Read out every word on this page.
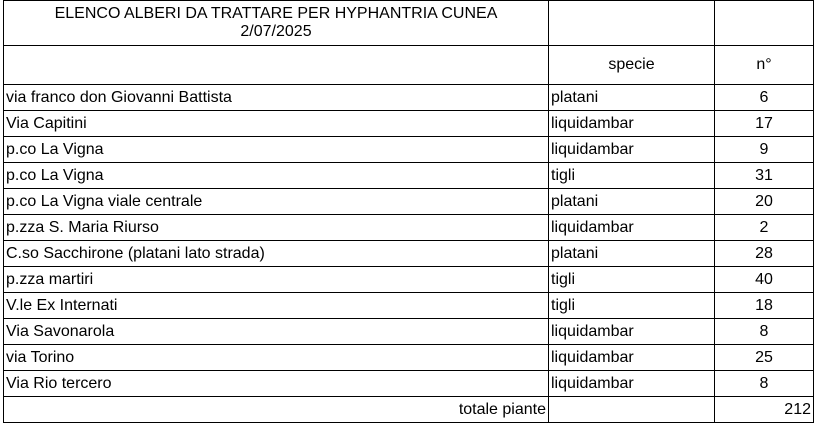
ELENCO ALBERI DA TRATTARE PER HYPHANTRIA CUNEA
2/07/2025		

	specie	n°
via franco don Giovanni Battista	platani	6
Via Capitini	liquidambar	17
p.co La Vigna	liquidambar	9
p.co La Vigna	tigli	31
p.co La Vigna viale centrale	platani	20
p.zza S. Maria Riurso	liquidambar	2
C.so Sacchirone (platani lato strada)	platani	28
p.zza martiri	tigli	40
V.le Ex Internati	tigli	18
Via Savonarola	liquidambar	8
via Torino	liquidambar	25
Via Rio tercero	liquidambar	8
totale piante		212
